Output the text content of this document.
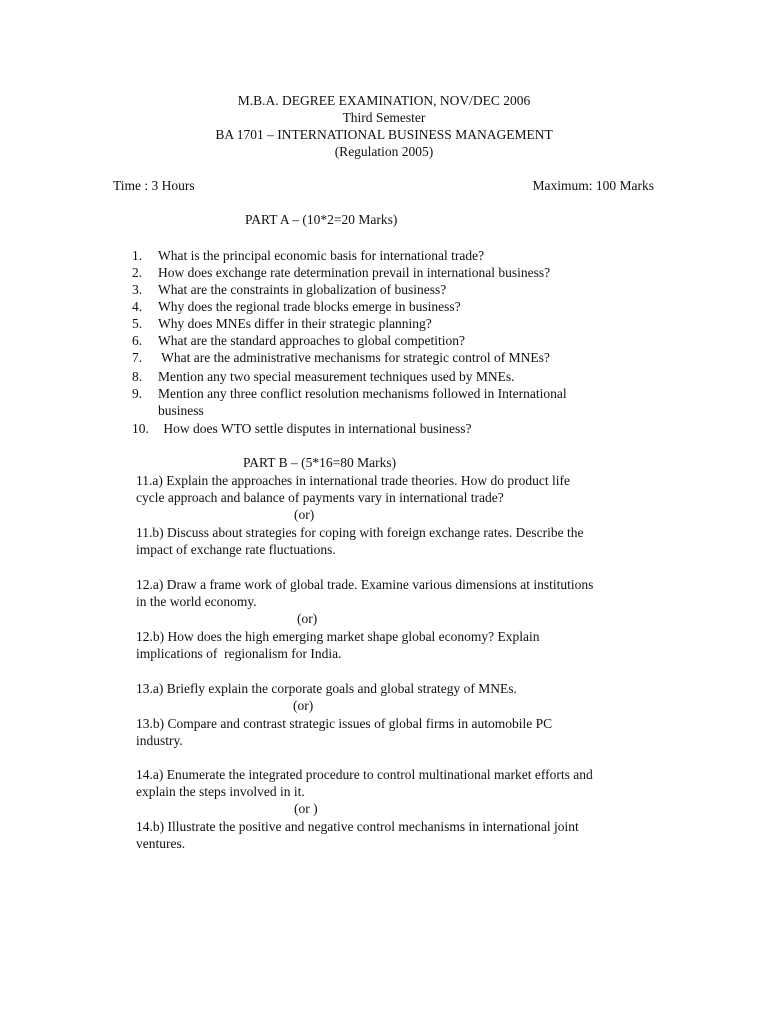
M.B.A. DEGREE EXAMINATION, NOV/DEC 2006
Third Semester
BA 1701 – INTERNATIONAL BUSINESS MANAGEMENT
(Regulation 2005)
Time : 3 Hours	Maximum: 100 Marks
PART A – (10*2=20 Marks)
1. What is the principal economic basis for international trade?
2. How does exchange rate determination prevail in international business?
3. What are the constraints in globalization of business?
4. Why does the regional trade blocks emerge in business?
5. Why does MNEs differ in their strategic planning?
6. What are the standard approaches to global competition?
7. What are the administrative mechanisms for strategic control of MNEs?
8. Mention any two special measurement techniques used by MNEs.
9. Mention any three conflict resolution mechanisms followed in International
business
10. How does WTO settle disputes in international business?
PART B – (5*16=80 Marks)
11.a) Explain the approaches in international trade theories. How do product life
cycle approach and balance of payments vary in international trade?
(or)
11.b) Discuss about strategies for coping with foreign exchange rates. Describe the
impact of exchange rate fluctuations.
12.a) Draw a frame work of global trade. Examine various dimensions at institutions
in the world economy.
(or)
12.b) How does the high emerging market shape global economy? Explain
implications of  regionalism for India.
13.a) Briefly explain the corporate goals and global strategy of MNEs.
(or)
13.b) Compare and contrast strategic issues of global firms in automobile PC
industry.
14.a) Enumerate the integrated procedure to control multinational market efforts and
explain the steps involved in it.
(or )
14.b) Illustrate the positive and negative control mechanisms in international joint
ventures.
